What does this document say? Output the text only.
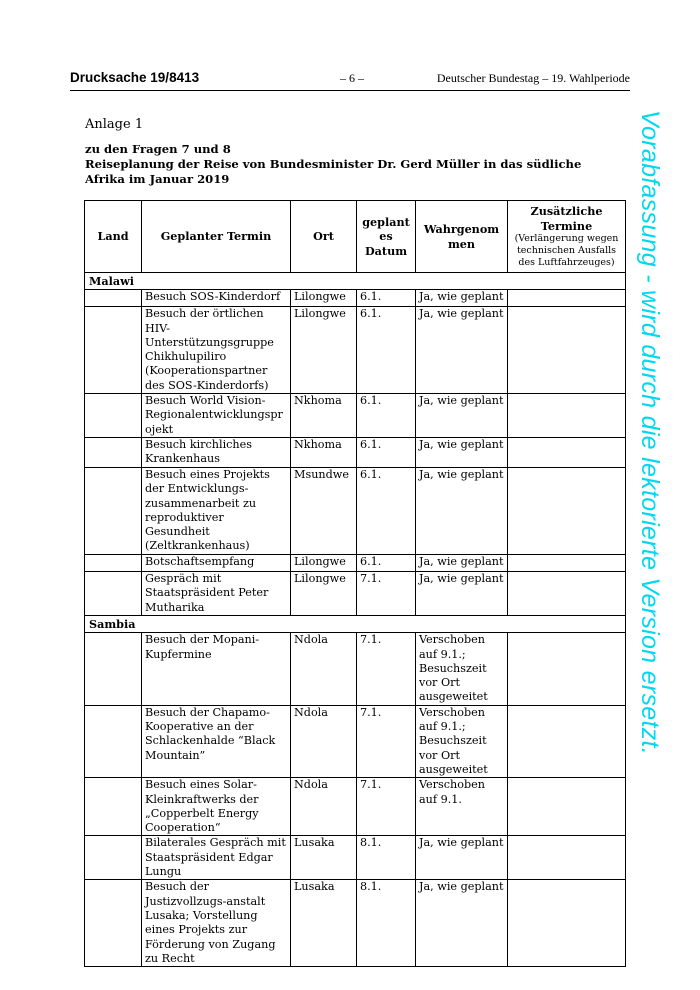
Drucksache 19/8413	– 6 –	Deutscher Bundestag – 19. Wahlperiode
Anlage 1
zu den Fragen 7 und 8
Reiseplanung der Reise von Bundesminister Dr. Gerd Müller in das südliche Afrika im Januar 2019
Land	Geplanter Termin	Ort	geplantes Datum	Wahrgenommen	Zusätzliche Termine
(Verlängerung wegen technischen Ausfalls des Luftfahrzeuges)

Malawi					
	Besuch SOS-Kinderdorf	Lilongwe	6.1.	Ja, wie geplant	
	Besuch der örtlichen HIV-Unterstützungsgruppe Chikhulupiliro (Kooperationspartner des SOS-Kinderdorfs)	Lilongwe	6.1.	Ja, wie geplant	
	Besuch World Vision-Regionalentwicklungsprojekt	Nkhoma	6.1.	Ja, wie geplant	
	Besuch kirchliches Krankenhaus	Nkhoma	6.1.	Ja, wie geplant	
	Besuch eines Projekts der Entwicklungs-zusammenarbeit zu reproduktiver Gesundheit (Zeltkrankenhaus)	Msundwe	6.1.	Ja, wie geplant	
	Botschaftsempfang	Lilongwe	6.1.	Ja, wie geplant	
	Gespräch mit Staatspräsident Peter Mutharika	Lilongwe	7.1.	Ja, wie geplant	
Sambia					
	Besuch der Mopani-Kupfermine	Ndola	7.1.	Verschoben auf 9.1.; Besuchszeit vor Ort ausgeweitet	
	Besuch der Chapamo-Kooperative an der Schlackenhalde “Black Mountain”	Ndola	7.1.	Verschoben auf 9.1.; Besuchszeit vor Ort ausgeweitet	
	Besuch eines Solar-Kleinkraftwerks der „Copperbelt Energy Cooperation“	Ndola	7.1.	Verschoben auf 9.1.	
	Bilaterales Gespräch mit Staatspräsident Edgar Lungu	Lusaka	8.1.	Ja, wie geplant	
	Besuch der Justizvollzugs-anstalt Lusaka; Vorstellung eines Projekts zur Förderung von Zugang zu Recht	Lusaka	8.1.	Ja, wie geplant	
Vorabfassung - wird durch die lektorierte Version ersetzt.
